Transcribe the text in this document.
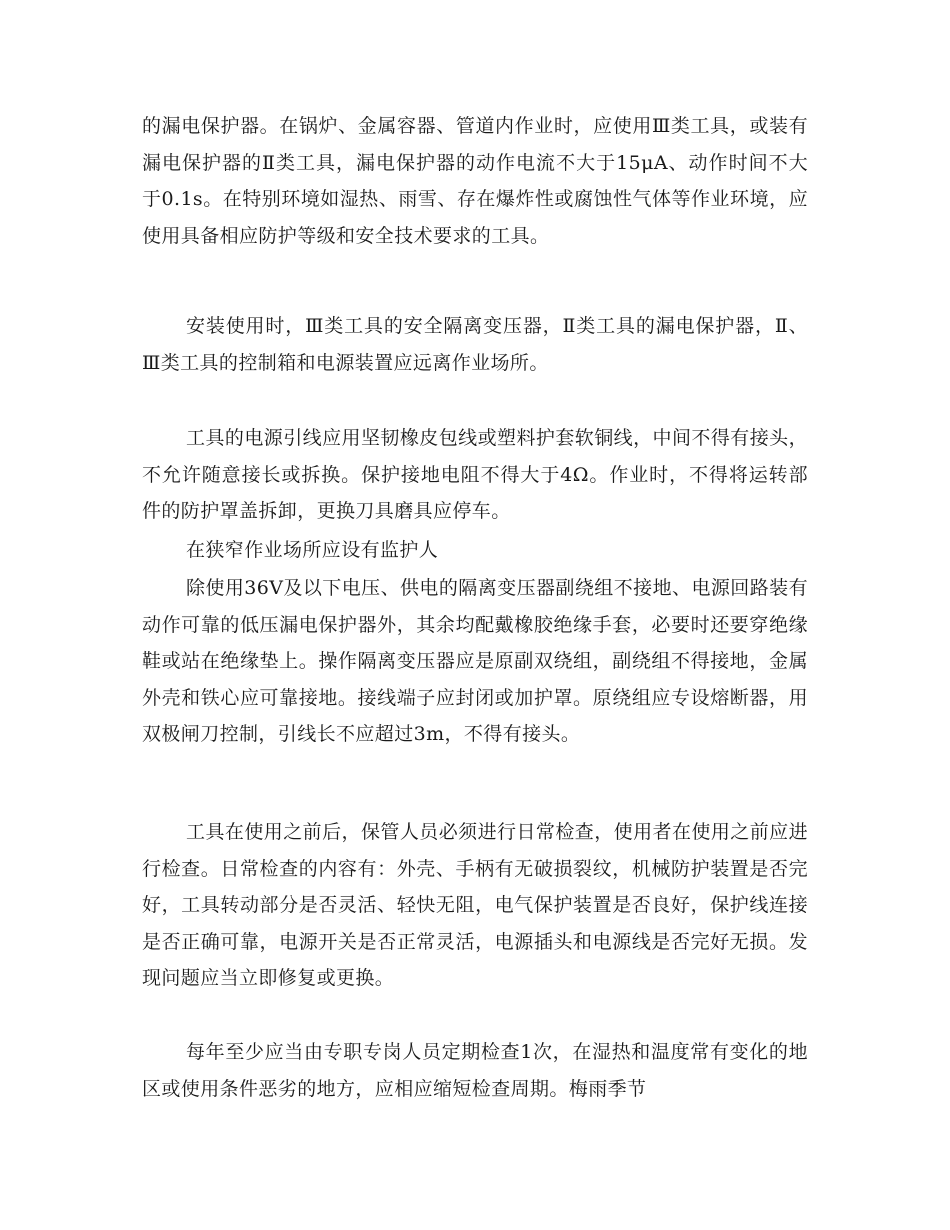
的漏电保护器。在锅炉、金属容器、管道内作业时，应使用Ⅲ类工具，或装有漏电保护器的Ⅱ类工具，漏电保护器的动作电流不大于15μA、动作时间不大于0.1s。在特别环境如湿热、雨雪、存在爆炸性或腐蚀性气体等作业环境，应使用具备相应防护等级和安全技术要求的工具。

安装使用时，Ⅲ类工具的安全隔离变压器，Ⅱ类工具的漏电保护器，Ⅱ、Ⅲ类工具的控制箱和电源装置应远离作业场所。

工具的电源引线应用坚韧橡皮包线或塑料护套软铜线，中间不得有接头，不允许随意接长或拆换。保护接地电阻不得大于4Ω。作业时，不得将运转部件的防护罩盖拆卸，更换刀具磨具应停车。

在狭窄作业场所应设有监护人

除使用36V及以下电压、供电的隔离变压器副绕组不接地、电源回路装有动作可靠的低压漏电保护器外，其余均配戴橡胶绝缘手套，必要时还要穿绝缘鞋或站在绝缘垫上。操作隔离变压器应是原副双绕组，副绕组不得接地，金属外壳和铁心应可靠接地。接线端子应封闭或加护罩。原绕组应专设熔断器，用双极闸刀控制，引线长不应超过3m，不得有接头。

工具在使用之前后，保管人员必须进行日常检查，使用者在使用之前应进行检查。日常检查的内容有：外壳、手柄有无破损裂纹，机械防护装置是否完好，工具转动部分是否灵活、轻快无阻，电气保护装置是否良好，保护线连接是否正确可靠，电源开关是否正常灵活，电源插头和电源线是否完好无损。发现问题应当立即修复或更换。

每年至少应当由专职专岗人员定期检查1次，在湿热和温度常有变化的地区或使用条件恶劣的地方，应相应缩短检查周期。梅雨季节
